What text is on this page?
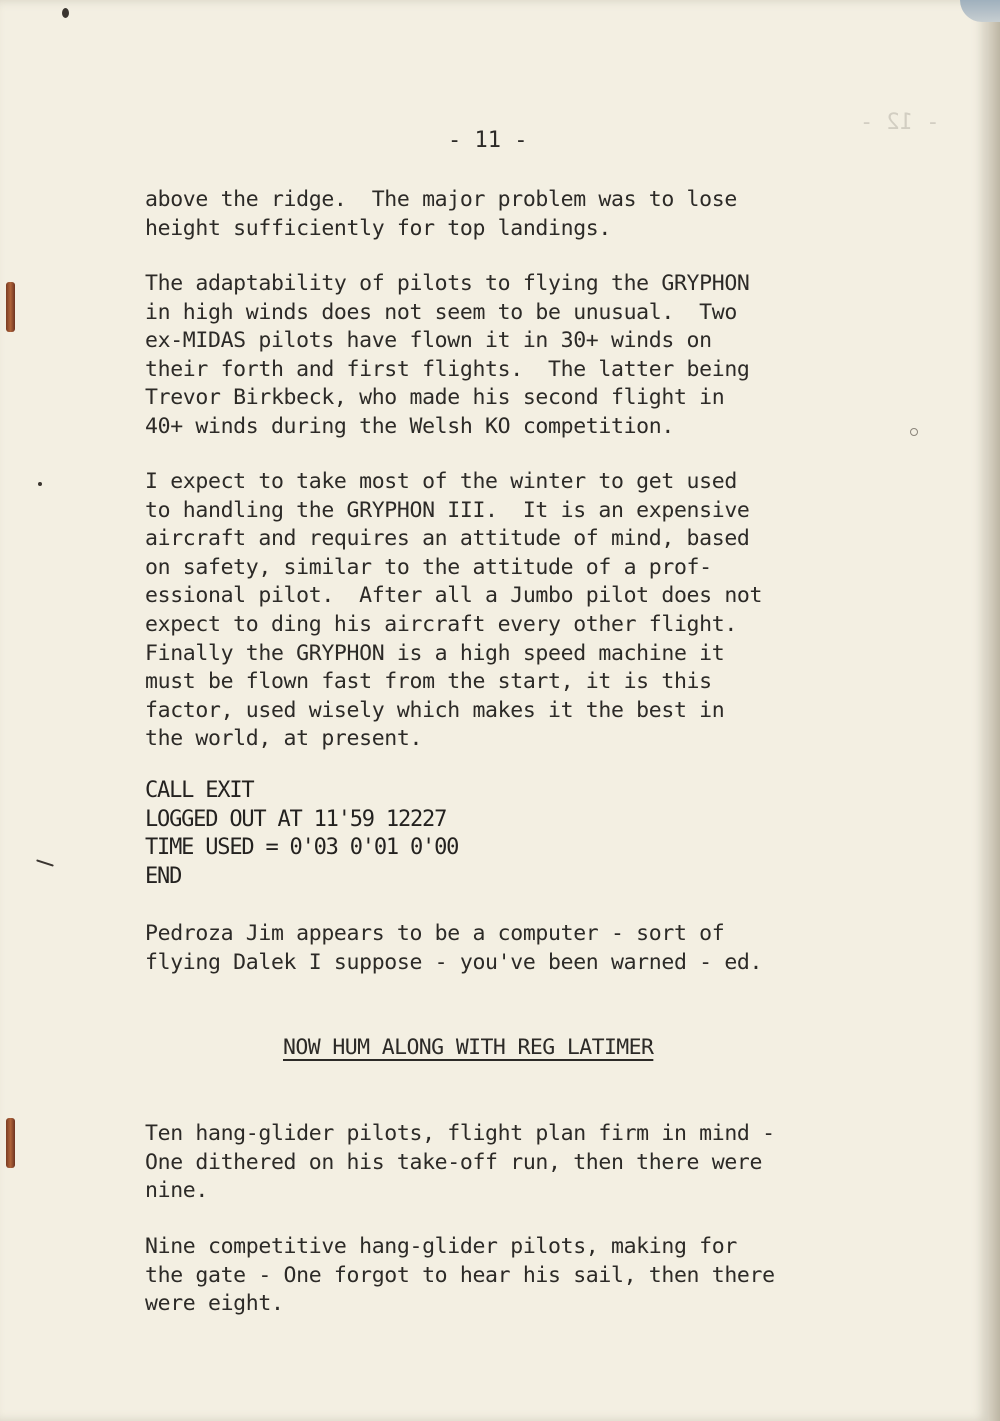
- 12 -
- 11 -

above the ridge.  The major problem was to lose
height sufficiently for top landings.

The adaptability of pilots to flying the GRYPHON
in high winds does not seem to be unusual.  Two
ex-MIDAS pilots have flown it in 30+ winds on
their forth and first flights.  The latter being
Trevor Birkbeck, who made his second flight in
40+ winds during the Welsh KO competition.

I expect to take most of the winter to get used
to handling the GRYPHON III.  It is an expensive
aircraft and requires an attitude of mind, based
on safety, similar to the attitude of a prof-
essional pilot.  After all a Jumbo pilot does not
expect to ding his aircraft every other flight.
Finally the GRYPHON is a high speed machine it
must be flown fast from the start, it is this
factor, used wisely which makes it the best in
the world, at present.

CALL EXIT
LOGGED OUT AT 11'59 12227
TIME USED = 0'03 0'01 0'00
END

Pedroza Jim appears to be a computer - sort of
flying Dalek I suppose - you've been warned - ed.

NOW HUM ALONG WITH REG LATIMER

Ten hang-glider pilots, flight plan firm in mind -
One dithered on his take-off run, then there were
nine.

Nine competitive hang-glider pilots, making for
the gate - One forgot to hear his sail, then there
were eight.
